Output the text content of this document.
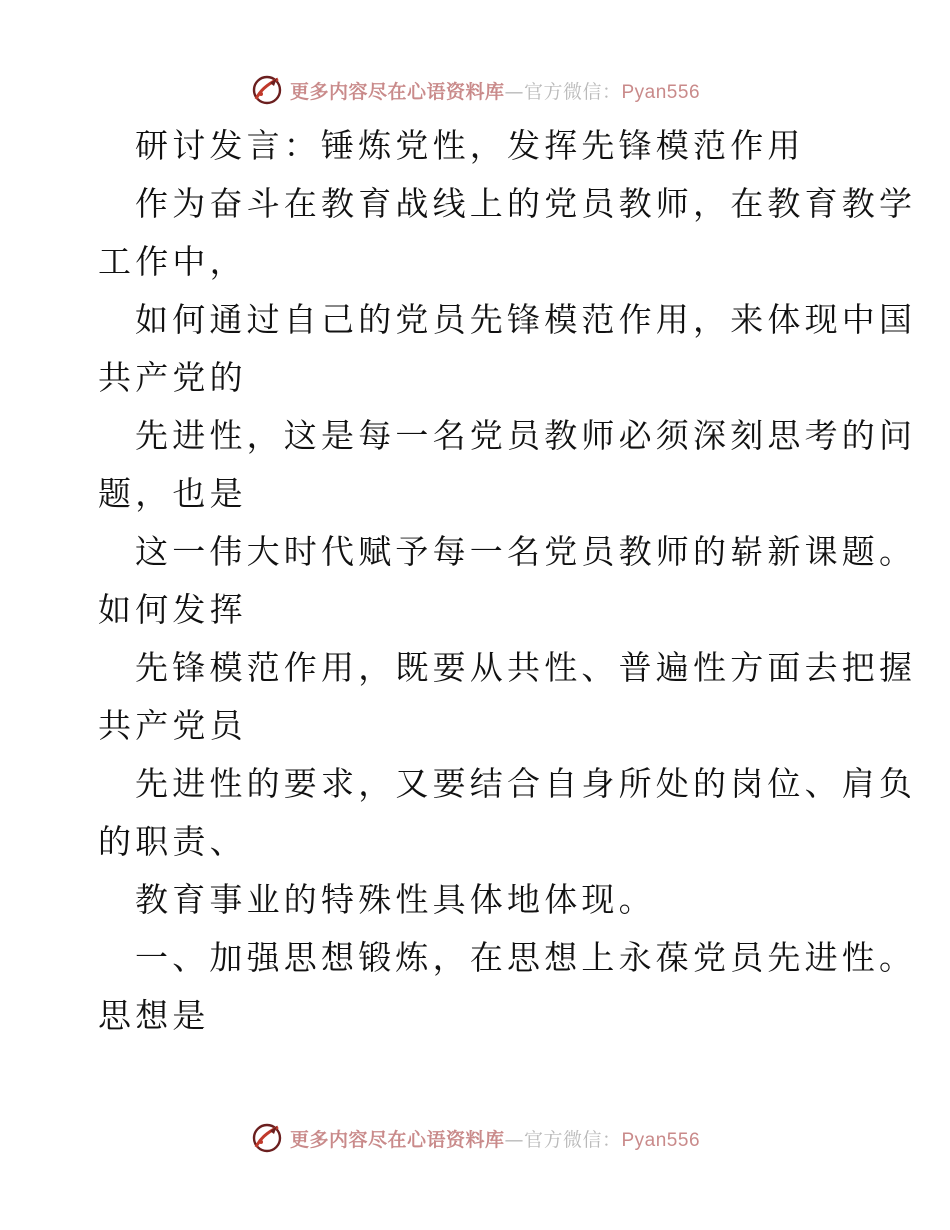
更多内容尽在心语资料库—官方微信：Pyan556
研讨发言：锤炼党性，发挥先锋模范作用
作为奋斗在教育战线上的党员教师，在教育教学
工作中，
如何通过自己的党员先锋模范作用，来体现中国
共产党的
先进性，这是每一名党员教师必须深刻思考的问
题，也是
这一伟大时代赋予每一名党员教师的崭新课题。
如何发挥
先锋模范作用，既要从共性、普遍性方面去把握
共产党员
先进性的要求，又要结合自身所处的岗位、肩负
的职责、
教育事业的特殊性具体地体现。
一、加强思想锻炼，在思想上永葆党员先进性。
思想是
更多内容尽在心语资料库—官方微信：Pyan556
